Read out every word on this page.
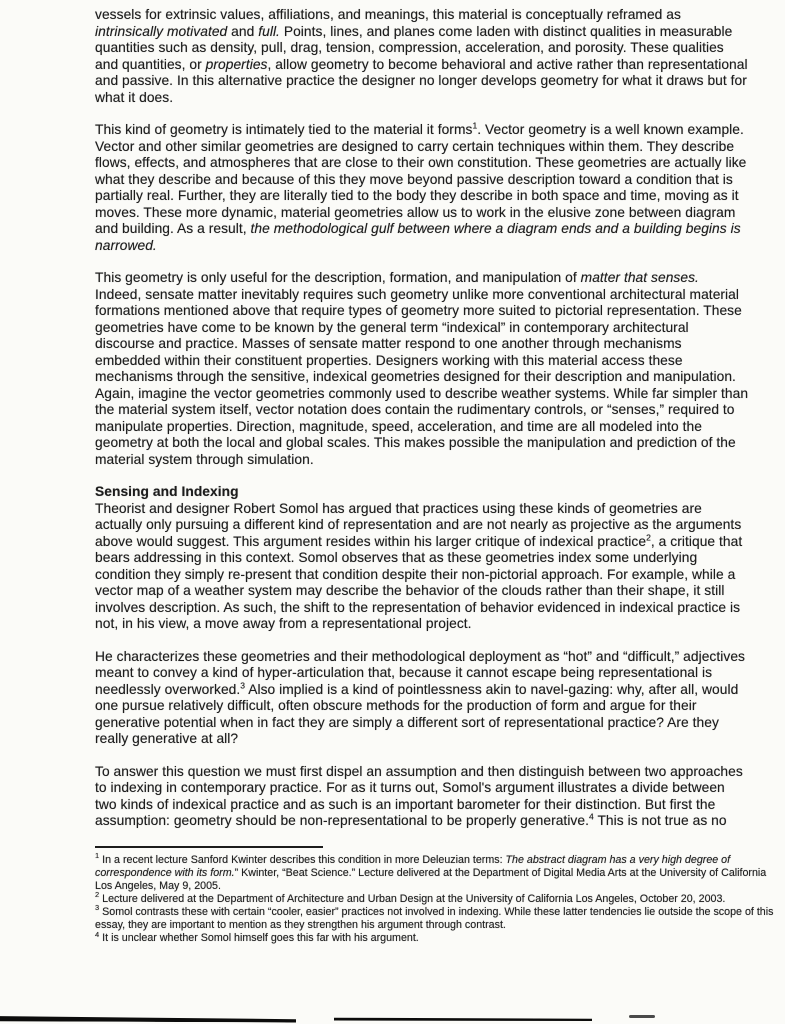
vessels for extrinsic values, affiliations, and meanings, this material is conceptually reframed as intrinsically motivated and full. Points, lines, and planes come laden with distinct qualities in measurable quantities such as density, pull, drag, tension, compression, acceleration, and porosity. These qualities and quantities, or properties, allow geometry to become behavioral and active rather than representational and passive. In this alternative practice the designer no longer develops geometry for what it draws but for what it does.

This kind of geometry is intimately tied to the material it forms$^1$. Vector geometry is a well known example. Vector and other similar geometries are designed to carry certain techniques within them. They describe flows, effects, and atmospheres that are close to their own constitution. These geometries are actually like what they describe and because of this they move beyond passive description toward a condition that is partially real. Further, they are literally tied to the body they describe in both space and time, moving as it moves. These more dynamic, material geometries allow us to work in the elusive zone between diagram and building. As a result, the methodological gulf between where a diagram ends and a building begins is narrowed.

This geometry is only useful for the description, formation, and manipulation of matter that senses. Indeed, sensate matter inevitably requires such geometry unlike more conventional architectural material formations mentioned above that require types of geometry more suited to pictorial representation. These geometries have come to be known by the general term “indexical” in contemporary architectural discourse and practice. Masses of sensate matter respond to one another through mechanisms embedded within their constituent properties. Designers working with this material access these mechanisms through the sensitive, indexical geometries designed for their description and manipulation. Again, imagine the vector geometries commonly used to describe weather systems. While far simpler than the material system itself, vector notation does contain the rudimentary controls, or “senses,” required to manipulate properties. Direction, magnitude, speed, acceleration, and time are all modeled into the geometry at both the local and global scales. This makes possible the manipulation and prediction of the material system through simulation.

Sensing and Indexing

Theorist and designer Robert Somol has argued that practices using these kinds of geometries are actually only pursuing a different kind of representation and are not nearly as projective as the arguments above would suggest. This argument resides within his larger critique of indexical practice$^2$, a critique that bears addressing in this context. Somol observes that as these geometries index some underlying condition they simply re-present that condition despite their non-pictorial approach. For example, while a vector map of a weather system may describe the behavior of the clouds rather than their shape, it still involves description. As such, the shift to the representation of behavior evidenced in indexical practice is not, in his view, a move away from a representational project.

He characterizes these geometries and their methodological deployment as “hot” and “difficult,” adjectives meant to convey a kind of hyper-articulation that, because it cannot escape being representational is needlessly overworked.$^3$ Also implied is a kind of pointlessness akin to navel-gazing: why, after all, would one pursue relatively difficult, often obscure methods for the production of form and argue for their generative potential when in fact they are simply a different sort of representational practice? Are they really generative at all?

To answer this question we must first dispel an assumption and then distinguish between two approaches to indexing in contemporary practice. For as it turns out, Somol's argument illustrates a divide between two kinds of indexical practice and as such is an important barometer for their distinction. But first the assumption: geometry should be non-representational to be properly generative.$^4$ This is not true as no

$^1$ In a recent lecture Sanford Kwinter describes this condition in more Deleuzian terms: The abstract diagram has a very high degree of correspondence with its form.” Kwinter, “Beat Science.” Lecture delivered at the Department of Digital Media Arts at the University of California Los Angeles, May 9, 2005.

$^2$ Lecture delivered at the Department of Architecture and Urban Design at the University of California Los Angeles, October 20, 2003.

$^3$ Somol contrasts these with certain “cooler, easier” practices not involved in indexing. While these latter tendencies lie outside the scope of this essay, they are important to mention as they strengthen his argument through contrast.

$^4$ It is unclear whether Somol himself goes this far with his argument.
